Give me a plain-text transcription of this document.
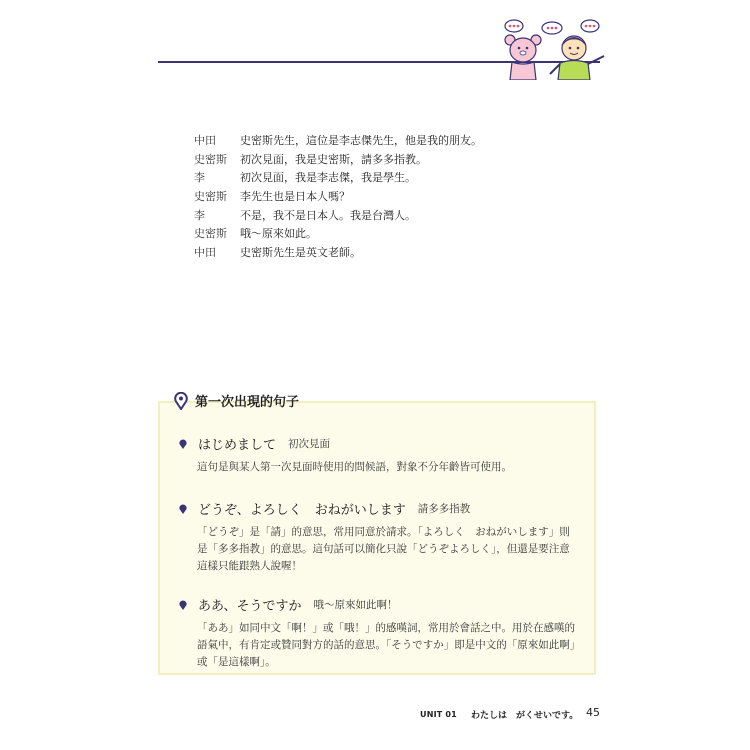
中田	史密斯先生，這位是李志傑先生，他是我的朋友。
史密斯	初次見面，我是史密斯，請多多指教。
李	初次見面，我是李志傑，我是學生。
史密斯	李先生也是日本人嗎？
李	不是，我不是日本人。我是台灣人。
史密斯	哦～原來如此。
中田	史密斯先生是英文老師。
はじめまして 初次見面
這句是與某人第一次見面時使用的問候語，對象不分年齡皆可使用。
どうぞ、よろしく　おねがいします 請多多指教
「どうぞ」是「請」的意思，常用同意於請求。「よろしく　おねがいします」則是「多多指教」的意思。這句話可以簡化只說「どうぞよろしく」，但還是要注意這樣只能跟熟人說喔！
ああ、そうですか 哦～原來如此啊！
「ああ」如同中文「啊！」或「哦！」的感嘆詞，常用於會話之中。用於在感嘆的語氣中，有肯定或贊同對方的話的意思。「そうですか」即是中文的「原來如此啊」或「是這樣啊」。
第一次出現的句子
UNIT 01 わたしは　がくせいです。 45
